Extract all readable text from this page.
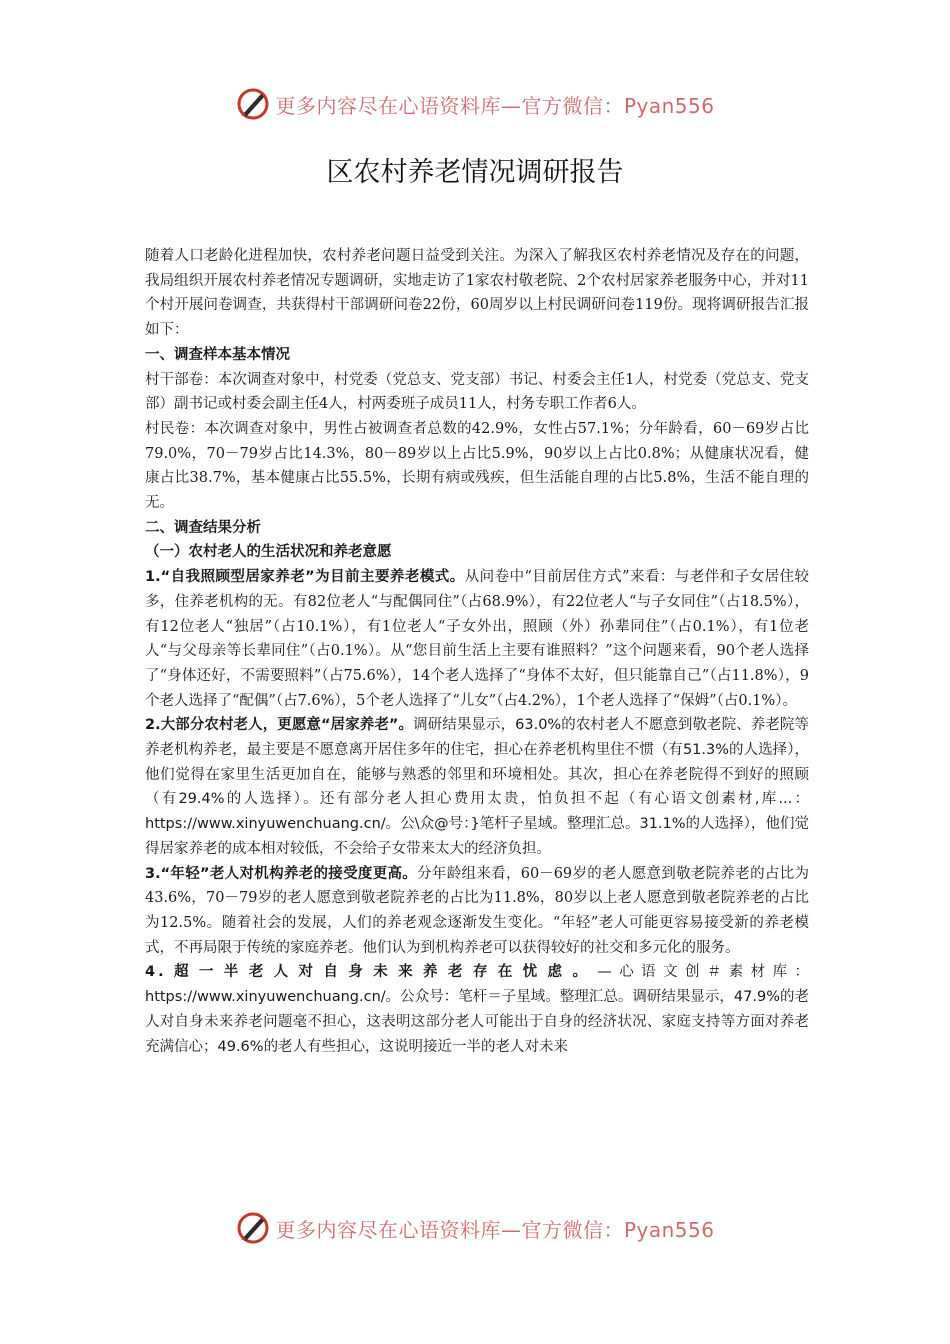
更多内容尽在心语资料库—官方微信：Pyan556
区农村养老情况调研报告

随着人口老龄化进程加快，农村养老问题日益受到关注。为深入了解我区农村养老情况及存在的问题，我局组织开展农村养老情况专题调研，实地走访了1家农村敬老院、2个农村居家养老服务中心，并对11个村开展问卷调查，共获得村干部调研问卷22份，60周岁以上村民调研问卷119份。现将调研报告汇报如下：

一、调查样本基本情况

村干部卷：本次调查对象中，村党委（党总支、党支部）书记、村委会主任1人，村党委（党总支、党支部）副书记或村委会副主任4人，村两委班子成员11人，村务专职工作者6人。

村民卷：本次调查对象中，男性占被调查者总数的42.9%，女性占57.1%；分年龄看，60－69岁占比79.0%，70－79岁占比14.3%，80－89岁以上占比5.9%，90岁以上占比0.8%；从健康状况看，健康占比38.7%，基本健康占比55.5%，长期有病或残疾，但生活能自理的占比5.8%，生活不能自理的无。

二、调查结果分析

（一）农村老人的生活状况和养老意愿

1.“自我照顾型居家养老”为目前主要养老模式。从问卷中“目前居住方式”来看：与老伴和子女居住较多，住养老机构的无。有82位老人“与配偶同住”（占68.9%），有22位老人“与子女同住”（占18.5%），有12位老人“独居”（占10.1%），有1位老人“子女外出，照顾（外）孙辈同住”（占0.1%），有1位老人“与父母亲等长辈同住”（占0.1%）。从“您目前生活上主要有谁照料？”这个问题来看，90个老人选择了“身体还好，不需要照料”（占75.6%），14个老人选择了“身体不太好，但只能靠自己”（占11.8%），9个老人选择了“配偶”（占7.6%），5个老人选择了“儿女”（占4.2%），1个老人选择了“保姆”（占0.1%）。

2.大部分农村老人，更愿意“居家养老”。调研结果显示，63.0%的农村老人不愿意到敬老院、养老院等养老机构养老，最主要是不愿意离开居住多年的住宅，担心在养老机构里住不惯（有51.3%的人选择），他们觉得在家里生活更加自在，能够与熟悉的邻里和环境相处。其次，担心在养老院得不到好的照顾（有29.4%的人选择）。还有部分老人担心费用太贵，怕负担不起（有心语文创素材,库...：https://www.xinyuwenchuang.cn/。公\众@号：}笔杆子星域。整理汇总。31.1%的人选择），他们觉得居家养老的成本相对较低，不会给子女带来太大的经济负担。

3.“年轻”老人对机构养老的接受度更高。分年龄组来看，60－69岁的老人愿意到敬老院养老的占比为43.6%，70－79岁的老人愿意到敬老院养老的占比为11.8%，80岁以上老人愿意到敬老院养老的占比为12.5%。随着社会的发展，人们的养老观念逐渐发生变化。“年轻”老人可能更容易接受新的养老模式，不再局限于传统的家庭养老。他们认为到机构养老可以获得较好的社交和多元化的服务。

4.超一半老人对自身未来养老存在忧虑。—心语文创＃素材库：https://www.xinyuwenchuang.cn/。公众号：笔杆＝子星域。整理汇总。调研结果显示，47.9%的老人对自身未来养老问题毫不担心，这表明这部分老人可能出于自身的经济状况、家庭支持等方面对养老充满信心；49.6%的老人有些担心，这说明接近一半的老人对未来

更多内容尽在心语资料库—官方微信：Pyan556
